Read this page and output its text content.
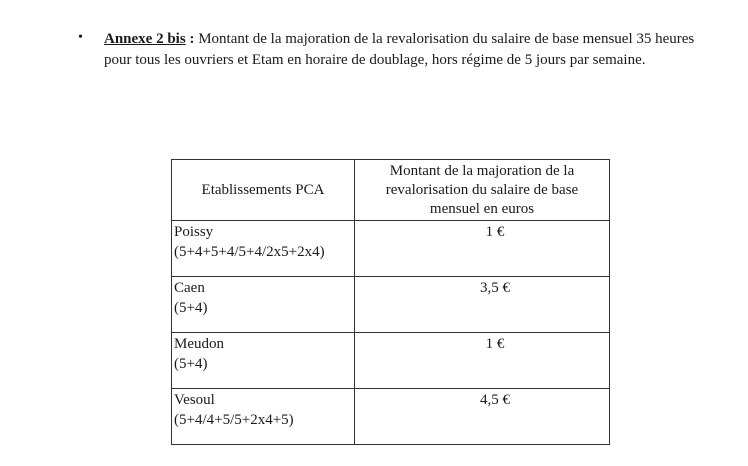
• Annexe 2 bis : Montant de la majoration de la revalorisation du salaire de base mensuel 35 heures pour tous les ouvriers et Etam en horaire de doublage, hors régime de 5 jours par semaine.
Etablissements PCA	Montant de la majoration de la revalorisation du salaire de base mensuel en euros

Poissy
(5+4+5+4/5+4/2x5+2x4)	1 €

Caen
(5+4)	3,5 €

Meudon
(5+4)	1 €

Vesoul
(5+4/4+5/5+2x4+5)	4,5 €
